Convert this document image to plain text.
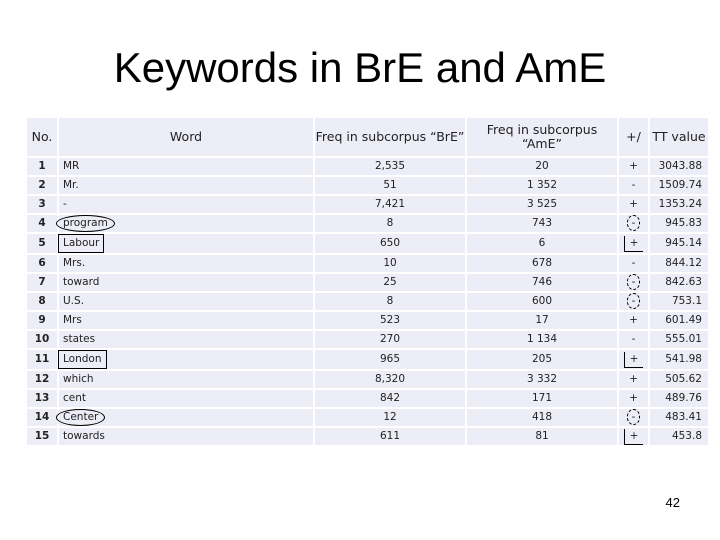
Keywords in BrE and AmE
No.	Word	Freq in subcorpus “BrE”	Freq in subcorpus “AmE”	+/	TT value
1	MR	2,535	20	+	3043.88
2	Mr.	51	1 352	-	1509.74
3	-	7,421	3 525	+	1353.24
4	program	8	743	-	945.83
5	Labour	650	6	+	945.14
6	Mrs.	10	678	-	844.12
7	toward	25	746	-	842.63
8	U.S.	8	600	-	753.1
9	Mrs	523	17	+	601.49
10	states	270	1 134	-	555.01
11	London	965	205	+	541.98
12	which	8,320	3 332	+	505.62
13	cent	842	171	+	489.76
14	Center	12	418	-	483.41
15	towards	611	81	+	453.8
42
